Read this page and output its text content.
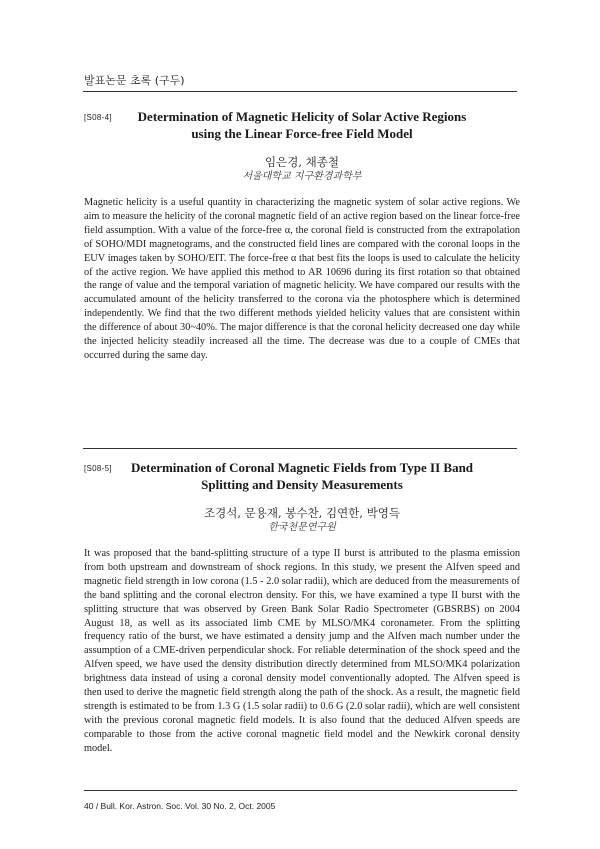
발표논문 초록 (구두)
[S08-4]	Determination of Magnetic Helicity of Solar Active Regions
using the Linear Force-free Field Model
임은경, 채종철
서울대학교 지구환경과학부

Magnetic helicity is a useful quantity in characterizing the magnetic system of solar active regions. We aim to measure the helicity of the coronal magnetic field of an active region based on the linear force-free field assumption. With a value of the force-free α, the coronal field is constructed from the extrapolation of SOHO/MDI magnetograms, and the constructed field lines are compared with the coronal loops in the EUV images taken by SOHO/EIT. The force-free α that best fits the loops is used to calculate the helicity of the active region. We have applied this method to AR 10696 during its first rotation so that obtained the range of value and the temporal variation of magnetic helicity. We have compared our results with the accumulated amount of the helicity transferred to the corona via the photosphere which is determined independently. We find that the two different methods yielded helicity values that are consistent within the difference of about 30~40%. The major difference is that the coronal helicity decreased one day while the injected helicity steadily increased all the time. The decrease was due to a couple of CMEs that occurred during the same day.

[S08-5]	Determination of Coronal Magnetic Fields from Type II Band
Splitting and Density Measurements
조경석, 문용재, 봉수찬, 김연한, 박영득
한국천문연구원

It was proposed that the band-splitting structure of a type II burst is attributed to the plasma emission from both upstream and downstream of shock regions. In this study, we present the Alfven speed and magnetic field strength in low corona (1.5 - 2.0 solar radii), which are deduced from the measurements of the band splitting and the coronal electron density. For this, we have examined a type II burst with the splitting structure that was observed by Green Bank Solar Radio Spectrometer (GBSRBS) on 2004 August 18, as well as its associated limb CME by MLSO/MK4 coronameter. From the splitting frequency ratio of the burst, we have estimated a density jump and the Alfven mach number under the assumption of a CME-driven perpendicular shock. For reliable determination of the shock speed and the Alfven speed, we have used the density distribution directly determined from MLSO/MK4 polarization brightness data instead of using a coronal density model conventionally adopted. The Alfven speed is then used to derive the magnetic field strength along the path of the shock. As a result, the magnetic field strength is estimated to be from 1.3 G (1.5 solar radii) to 0.6 G (2.0 solar radii), which are well consistent with the previous coronal magnetic field models. It is also found that the deduced Alfven speeds are comparable to those from the active coronal magnetic field model and the Newkirk coronal density model.

40 / Bull. Kor. Astron. Soc. Vol. 30 No. 2, Oct. 2005
